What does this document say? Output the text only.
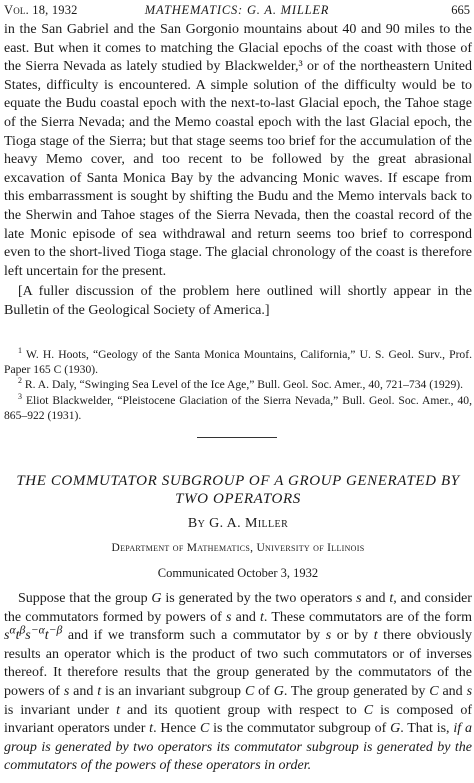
Vol. 18, 1932	MATHEMATICS: G. A. MILLER	665

in the San Gabriel and the San Gorgonio mountains about 40 and 90 miles to the east. But when it comes to matching the Glacial epochs of the coast with those of the Sierra Nevada as lately studied by Blackwelder,³ or of the northeastern United States, difficulty is encountered. A simple solution of the difficulty would be to equate the Budu coastal epoch with the next-to-last Glacial epoch, the Tahoe stage of the Sierra Nevada; and the Memo coastal epoch with the last Glacial epoch, the Tioga stage of the Sierra; but that stage seems too brief for the accumulation of the heavy Memo cover, and too recent to be followed by the great abrasional excavation of Santa Monica Bay by the advancing Monic waves. If escape from this embarrassment is sought by shifting the Budu and the Memo intervals back to the Sherwin and Tahoe stages of the Sierra Nevada, then the coastal record of the late Monic episode of sea withdrawal and return seems too brief to correspond even to the short-lived Tioga stage. The glacial chronology of the coast is therefore left uncertain for the present.

[A fuller discussion of the problem here outlined will shortly appear in the Bulletin of the Geological Society of America.]

$^1$ W. H. Hoots, “Geology of the Santa Monica Mountains, California,” U. S. Geol. Surv., Prof. Paper 165 C (1930).

$^2$ R. A. Daly, “Swinging Sea Level of the Ice Age,” Bull. Geol. Soc. Amer., 40, 721–734 (1929).

$^3$ Eliot Blackwelder, “Pleistocene Glaciation of the Sierra Nevada,” Bull. Geol. Soc. Amer., 40, 865–922 (1931).

THE COMMUTATOR SUBGROUP OF A GROUP GENERATED BY
TWO OPERATORS
By G. A. Miller
Department of Mathematics, University of Illinois
Communicated October 3, 1932

Suppose that the group G is generated by the two operators s and t, and consider the commutators formed by powers of s and t. These commutators are of the form $s^\alpha t^\beta s^{-\alpha}t^{-\beta}$ and if we transform such a commutator by s or by t there obviously results an operator which is the product of two such commutators or of inverses thereof. It therefore results that the group generated by the commutators of the powers of s and t is an invariant subgroup C of G. The group generated by C and s is invariant under t and its quotient group with respect to C is composed of invariant operators under t. Hence C is the commutator subgroup of G. That is, if a group is generated by two operators its commutator subgroup is generated by the commutators of the powers of these operators in order.
